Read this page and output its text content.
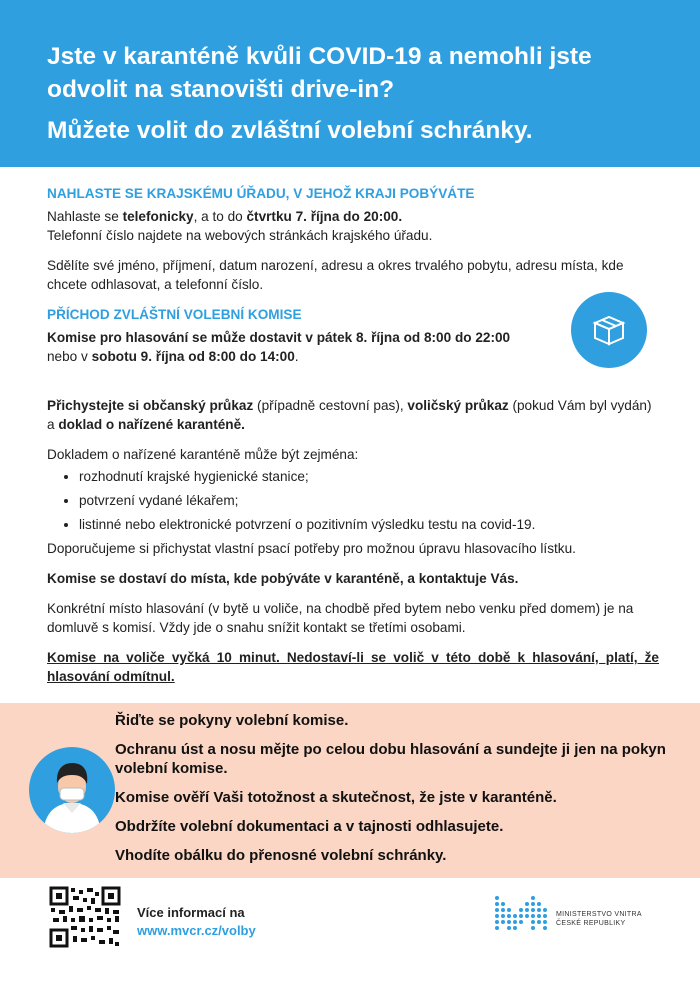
Jste v karanténě kvůli COVID-19 a nemohli jste
odvolit na stanovišti drive-in?
Můžete volit do zvláštní volební schránky.

NAHLASTE SE KRAJSKÉMU ÚŘADU, V JEHOŽ KRAJI POBÝVÁTE

Nahlaste se telefonicky, a to do čtvrtku 7. října do 20:00.
Telefonní číslo najdete na webových stránkách krajského úřadu.

Sdělíte své jméno, příjmení, datum narození, adresu a okres trvalého pobytu, adresu místa, kde chcete odhlasovat, a telefonní číslo.

PŘÍCHOD ZVLÁŠTNÍ VOLEBNÍ KOMISE

Komise pro hlasování se může dostavit v pátek 8. října od 8:00 do 22:00
nebo v sobotu 9. října od 8:00 do 14:00.

Přichystejte si občanský průkaz (případně cestovní pas), voličský průkaz (pokud Vám byl vydán) a doklad o nařízené karanténě.

Dokladem o nařízené karanténě může být zejména:

• rozhodnutí krajské hygienické stanice;
• potvrzení vydané lékařem;
• listinné nebo elektronické potvrzení o pozitivním výsledku testu na covid-19.

Doporučujeme si přichystat vlastní psací potřeby pro možnou úpravu hlasovacího lístku.

Komise se dostaví do místa, kde pobýváte v karanténě, a kontaktuje Vás.

Konkrétní místo hlasování (v bytě u voliče, na chodbě před bytem nebo venku před domem) je na domluvě s komisí. Vždy jde o snahu snížit kontakt se třetími osobami.

Komise na voliče vyčká 10 minut. Nedostaví-li se volič v této době k hlasování, platí, že hlasování odmítnul.

Řiďte se pokyny volební komise.

Ochranu úst a nosu mějte po celou dobu hlasování a sundejte ji jen na pokyn volební komise.

Komise ověří Vaši totožnost a skutečnost, že jste v karanténě.

Obdržíte volební dokumentaci a v tajnosti odhlasujete.

Vhodíte obálku do přenosné volební schránky.

Více informací na
www.mvcr.cz/volby
MINISTERSTVO VNITRA
ČESKÉ REPUBLIKY
